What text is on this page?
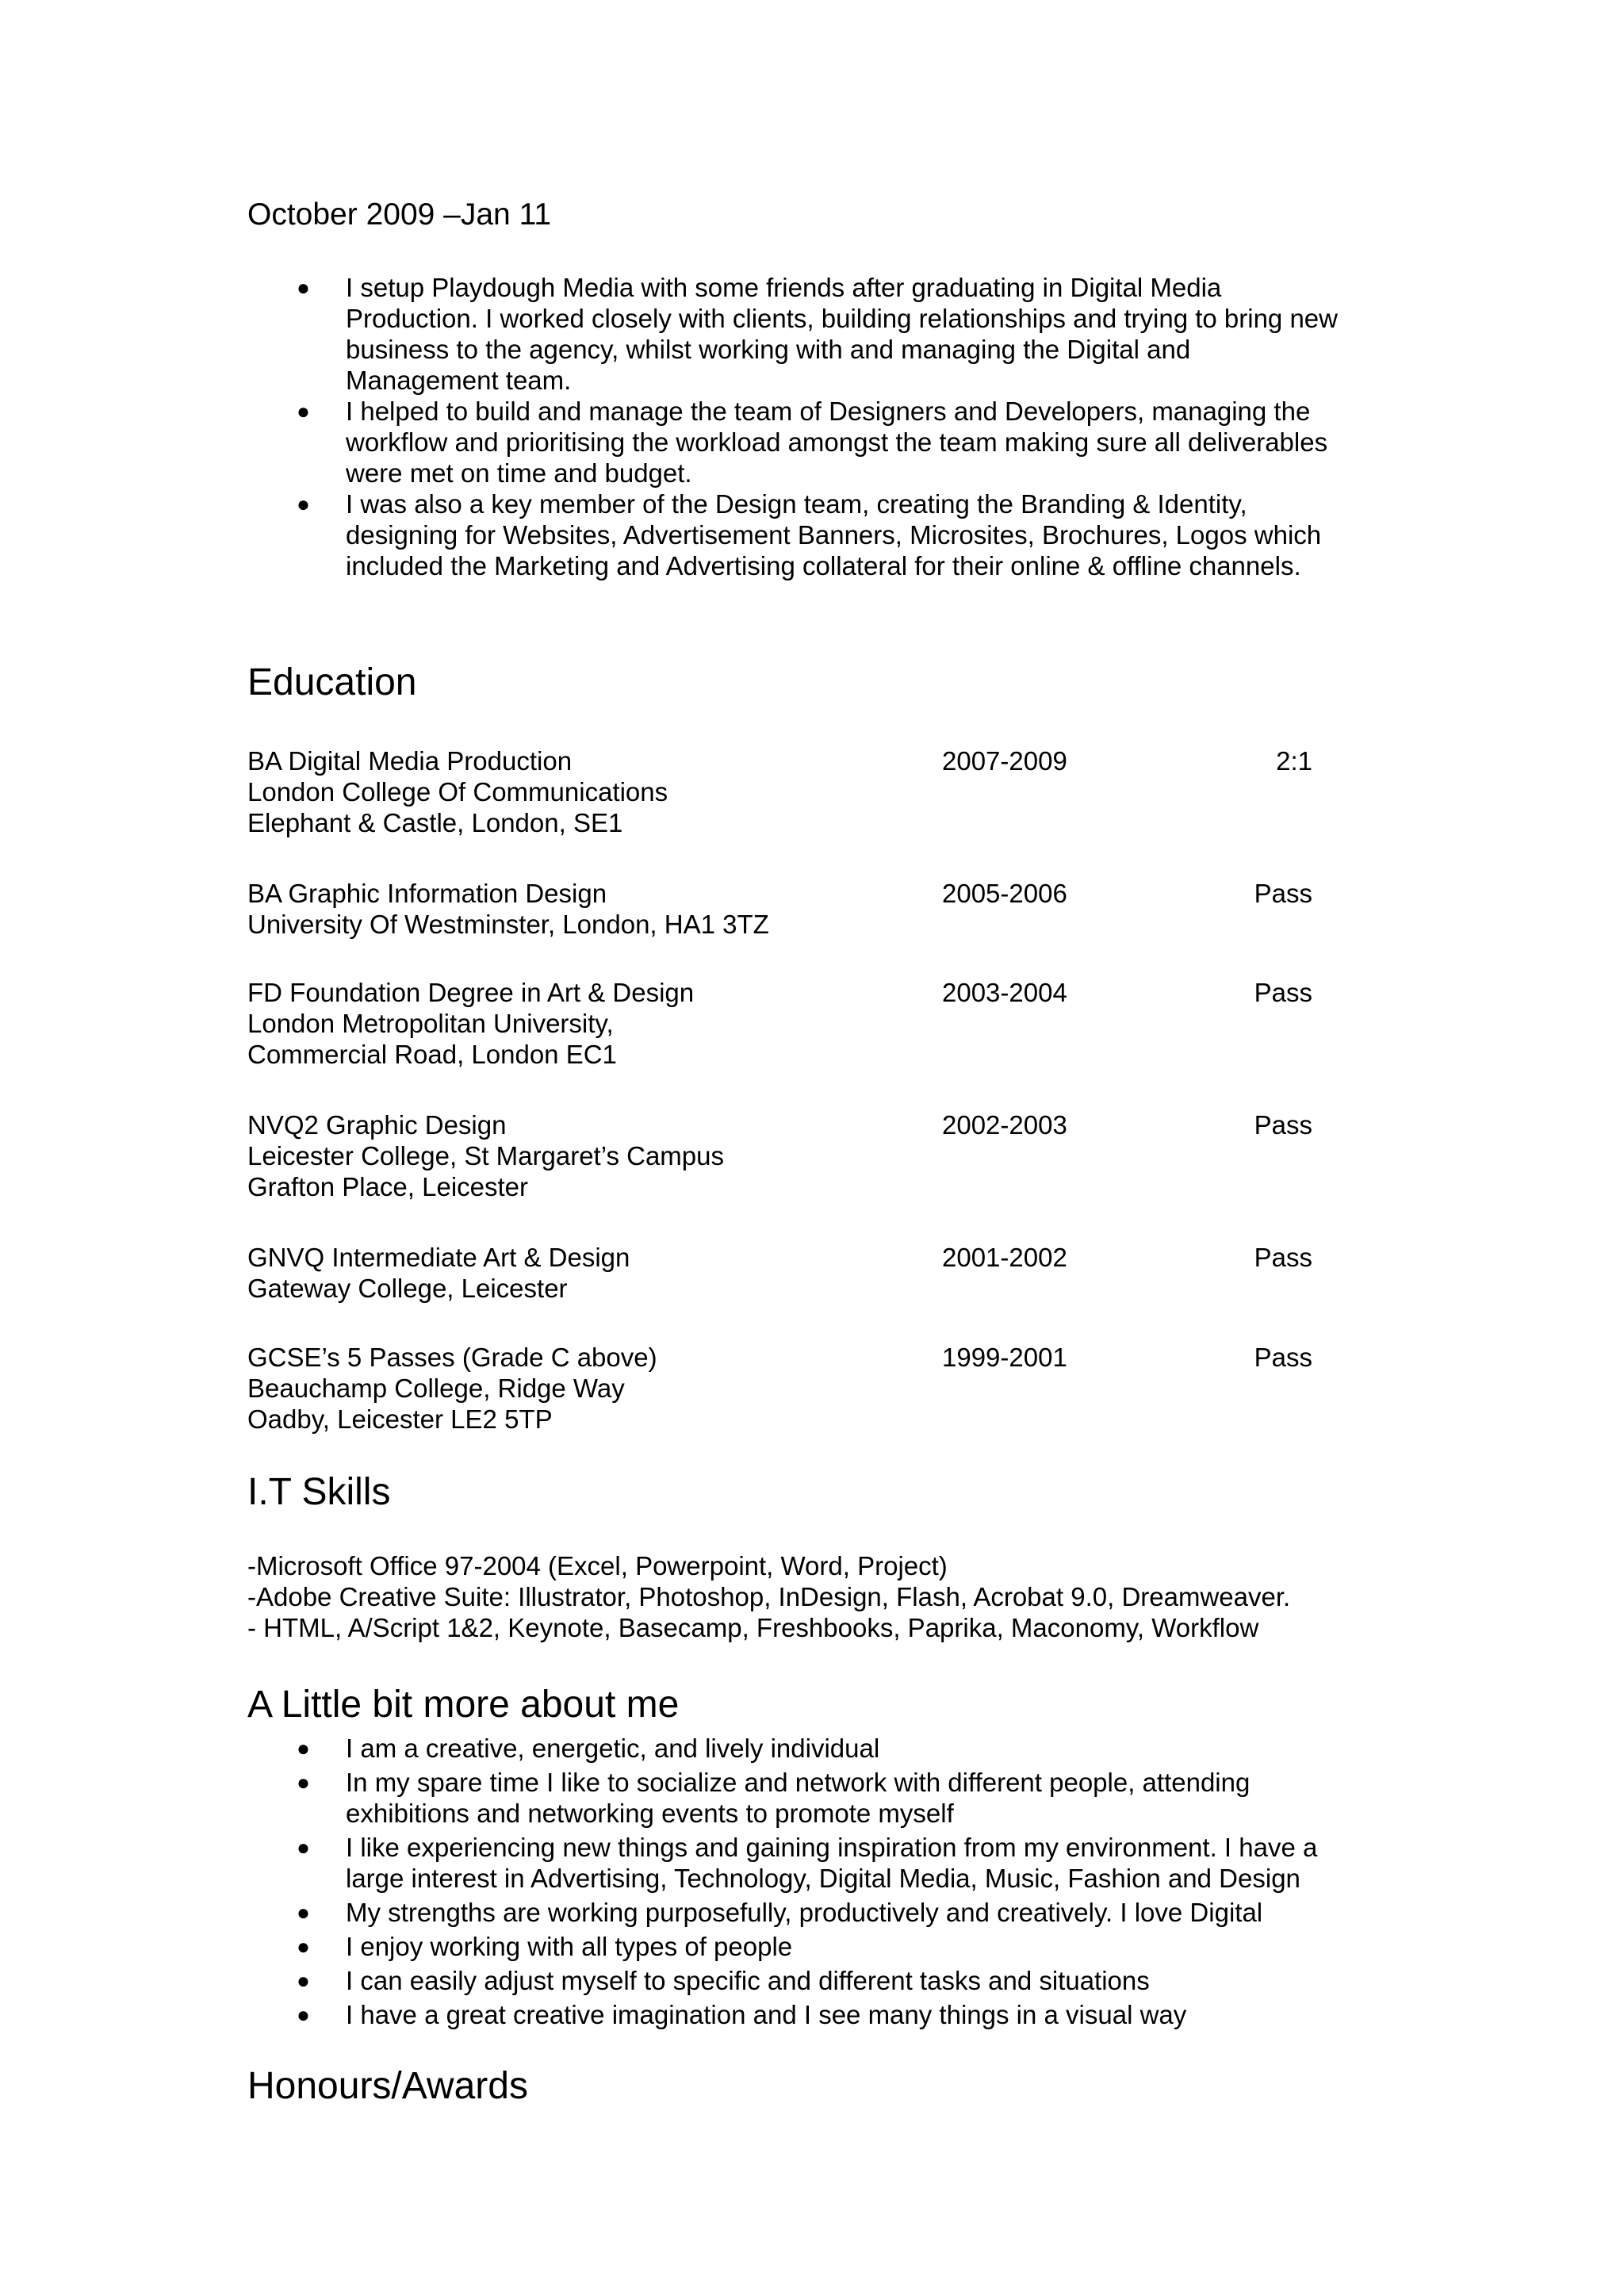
October 2009 –Jan 11
● I setup Playdough Media with some friends after graduating in Digital Media
Production. I worked closely with clients, building relationships and trying to bring new
business to the agency, whilst working with and managing the Digital and
Management team.
● I helped to build and manage the team of Designers and Developers, managing the
workflow and prioritising the workload amongst the team making sure all deliverables
were met on time and budget.
● I was also a key member of the Design team, creating the Branding & Identity,
designing for Websites, Advertisement Banners, Microsites, Brochures, Logos which
included the Marketing and Advertising collateral for their online & offline channels.
Education
BA Digital Media Production
London College Of Communications
Elephant & Castle, London, SE1
2007-2009	2:1
BA Graphic Information Design
University Of Westminster, London, HA1 3TZ
2005-2006	Pass
FD Foundation Degree in Art & Design
London Metropolitan University,
Commercial Road, London EC1
2003-2004	Pass
NVQ2 Graphic Design
Leicester College, St Margaret’s Campus
Grafton Place, Leicester
2002-2003	Pass
GNVQ Intermediate Art & Design
Gateway College, Leicester
2001-2002	Pass
GCSE’s 5 Passes (Grade C above)
Beauchamp College, Ridge Way
Oadby, Leicester LE2 5TP
1999-2001	Pass
I.T Skills
-Microsoft Office 97-2004 (Excel, Powerpoint, Word, Project)
-Adobe Creative Suite: Illustrator, Photoshop, InDesign, Flash, Acrobat 9.0, Dreamweaver.
- HTML, A/Script 1&2, Keynote, Basecamp, Freshbooks, Paprika, Maconomy, Workflow
A Little bit more about me
● I am a creative, energetic, and lively individual
● In my spare time I like to socialize and network with different people, attending
exhibitions and networking events to promote myself
● I like experiencing new things and gaining inspiration from my environment. I have a
large interest in Advertising, Technology, Digital Media, Music, Fashion and Design
● My strengths are working purposefully, productively and creatively. I love Digital
● I enjoy working with all types of people
● I can easily adjust myself to specific and different tasks and situations
● I have a great creative imagination and I see many things in a visual way
Honours/Awards
